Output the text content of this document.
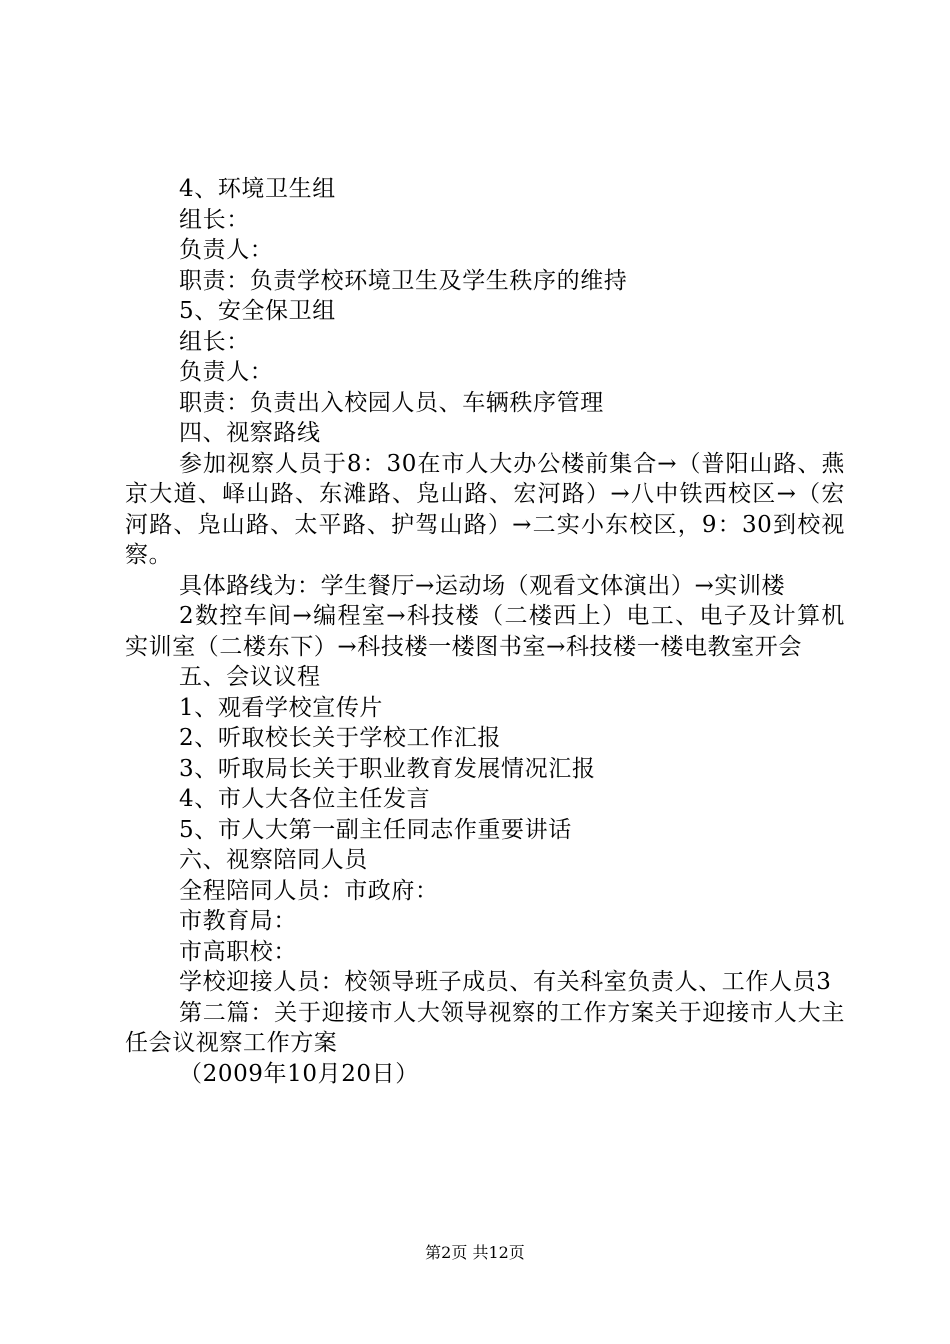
4、环境卫生组

组长：

负责人：

职责：负责学校环境卫生及学生秩序的维持

5、安全保卫组

组长：

负责人：

职责：负责出入校园人员、车辆秩序管理

四、视察路线

参加视察人员于8：30在市人大办公楼前集合→（普阳山路、燕京大道、峄山路、东滩路、凫山路、宏河路）→八中铁西校区→（宏河路、凫山路、太平路、护驾山路）→二实小东校区，9：30到校视察。

具体路线为：学生餐厅→运动场（观看文体演出）→实训楼

2数控车间→编程室→科技楼（二楼西上）电工、电子及计算机实训室（二楼东下）→科技楼一楼图书室→科技楼一楼电教室开会

五、会议议程

1、观看学校宣传片

2、听取校长关于学校工作汇报

3、听取局长关于职业教育发展情况汇报

4、市人大各位主任发言

5、市人大第一副主任同志作重要讲话

六、视察陪同人员

全程陪同人员：市政府：

市教育局：

市高职校：

学校迎接人员：校领导班子成员、有关科室负责人、工作人员3

第二篇：关于迎接市人大领导视察的工作方案关于迎接市人大主任会议视察工作方案

（2009年10月20日）

第2页 共12页
